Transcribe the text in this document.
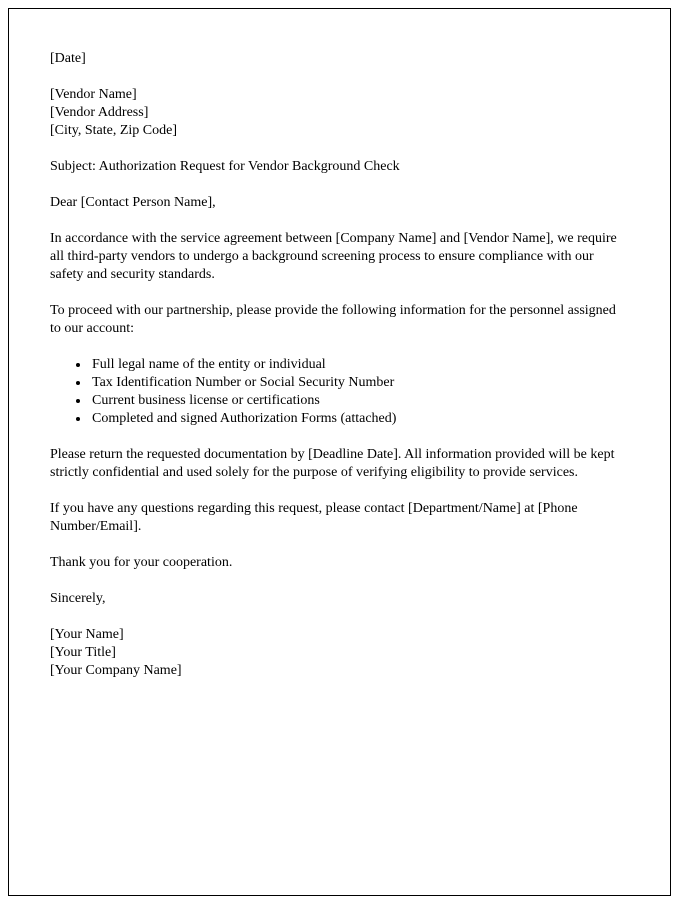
[Date]

[Vendor Name]
[Vendor Address]
[City, State, Zip Code]

Subject: Authorization Request for Vendor Background Check

Dear [Contact Person Name],

In accordance with the service agreement between [Company Name] and [Vendor Name], we require all third-party vendors to undergo a background screening process to ensure compliance with our safety and security standards.

To proceed with our partnership, please provide the following information for the personnel assigned to our account:

• Full legal name of the entity or individual
• Tax Identification Number or Social Security Number
• Current business license or certifications
• Completed and signed Authorization Forms (attached)

Please return the requested documentation by [Deadline Date]. All information provided will be kept strictly confidential and used solely for the purpose of verifying eligibility to provide services.

If you have any questions regarding this request, please contact [Department/Name] at [Phone Number/Email].

Thank you for your cooperation.

Sincerely,

[Your Name]
[Your Title]
[Your Company Name]
